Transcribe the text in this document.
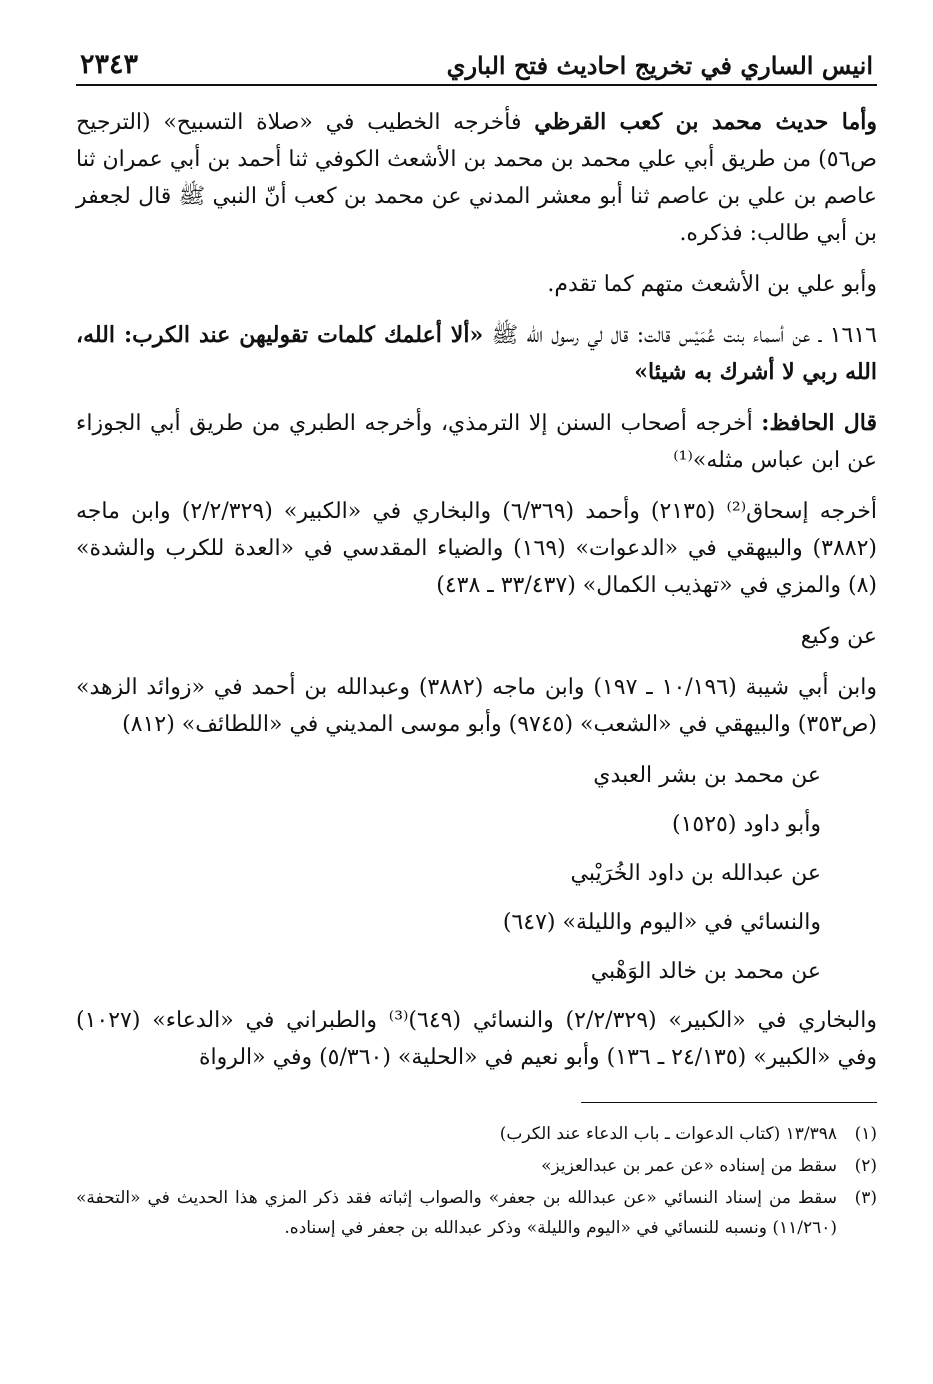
انيس الساري في تخريج احاديث فتح الباري
٢٣٤٣

وأما حديث محمد بن كعب القرظي فأخرجه الخطيب في «صلاة التسبيح» (الترجيح ص٥٦) من طريق أبي علي محمد بن محمد بن الأشعث الكوفي ثنا أحمد بن أبي عمران ثنا عاصم بن علي بن عاصم ثنا أبو معشر المدني عن محمد بن كعب أنّ النبي ﷺ قال لجعفر بن أبي طالب: فذكره.

وأبو علي بن الأشعث متهم كما تقدم.

١٦١٦ ـ عن أسماء بنت عُمَيْس قالت: قال لي رسول الله ﷺ «ألا أعلمك كلمات تقوليهن عند الكرب: الله، الله ربي لا أشرك به شيئا»

قال الحافظ: أخرجه أصحاب السنن إلا الترمذي، وأخرجه الطبري من طريق أبي الجوزاء عن ابن عباس مثله»⁽¹⁾

أخرجه إسحاق⁽²⁾ (٢١٣٥) وأحمد (٦/٣٦٩) والبخاري في «الكبير» (٢/٢/٣٢٩) وابن ماجه (٣٨٨٢) والبيهقي في «الدعوات» (١٦٩) والضياء المقدسي في «العدة للكرب والشدة» (٨) والمزي في «تهذيب الكمال» (٣٣/٤٣٧ ـ ٤٣٨)

عن وكيع

وابن أبي شيبة (١٠/١٩٦ ـ ١٩٧) وابن ماجه (٣٨٨٢) وعبدالله بن أحمد في «زوائد الزهد» (ص٣٥٣) والبيهقي في «الشعب» (٩٧٤٥) وأبو موسى المديني في «اللطائف» (٨١٢)

عن محمد بن بشر العبدي

وأبو داود (١٥٢٥)

عن عبدالله بن داود الخُرَيْبي

والنسائي في «اليوم والليلة» (٦٤٧)

عن محمد بن خالد الوَهْبي

والبخاري في «الكبير» (٢/٢/٣٢٩) والنسائي (٦٤٩)⁽³⁾ والطبراني في «الدعاء» (١٠٢٧) وفي «الكبير» (٢٤/١٣٥ ـ ١٣٦) وأبو نعيم في «الحلية» (٥/٣٦٠) وفي «الرواة

(١)
١٣/٣٩٨ (كتاب الدعوات ـ باب الدعاء عند الكرب)
(٢)
سقط من إسناده «عن عمر بن عبدالعزيز»
(٣)
سقط من إسناد النسائي «عن عبدالله بن جعفر» والصواب إثباته فقد ذكر المزي هذا الحديث في «التحفة» (١١/٢٦٠) ونسبه للنسائي في «اليوم والليلة» وذكر عبدالله بن جعفر في إسناده.
